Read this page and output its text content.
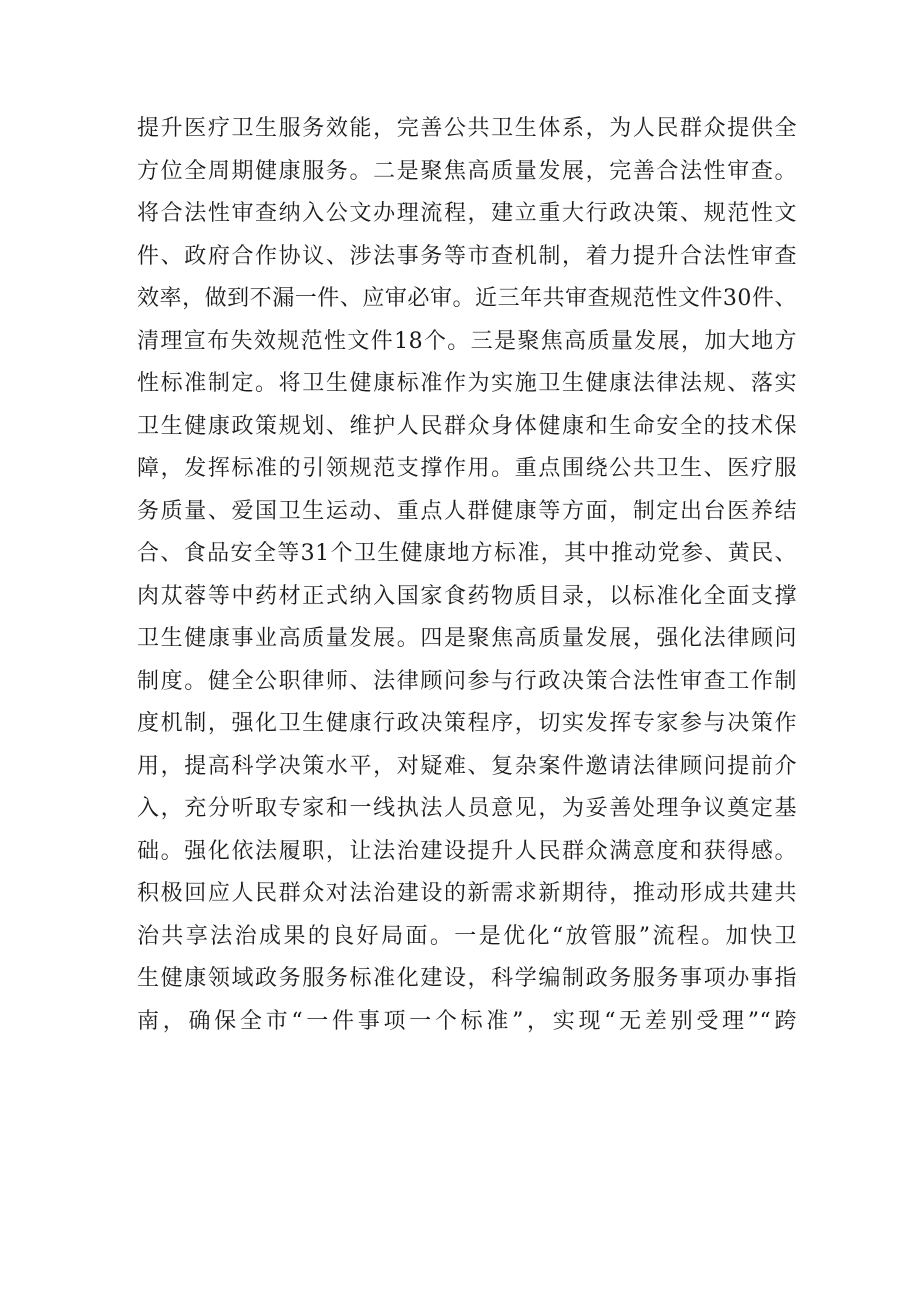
提升医疗卫生服务效能，完善公共卫生体系，为人民群众提供全
方位全周期健康服务。二是聚焦高质量发展，完善合法性审查。
将合法性审查纳入公文办理流程，建立重大行政决策、规范性文
件、政府合作协议、涉法事务等市查机制，着力提升合法性审查
效率，做到不漏一件、应审必审。近三年共审查规范性文件30件、
清理宣布失效规范性文件18个。三是聚焦高质量发展，加大地方
性标准制定。将卫生健康标准作为实施卫生健康法律法规、落实
卫生健康政策规划、维护人民群众身体健康和生命安全的技术保
障，发挥标准的引领规范支撑作用。重点围绕公共卫生、医疗服
务质量、爱国卫生运动、重点人群健康等方面，制定出台医养结
合、食品安全等31个卫生健康地方标准，其中推动党参、黄民、
肉苁蓉等中药材正式纳入国家食药物质目录，以标准化全面支撑
卫生健康事业高质量发展。四是聚焦高质量发展，强化法律顾问
制度。健全公职律师、法律顾问参与行政决策合法性审查工作制
度机制，强化卫生健康行政决策程序，切实发挥专家参与决策作
用，提高科学决策水平，对疑难、复杂案件邀请法律顾问提前介
入，充分听取专家和一线执法人员意见，为妥善处理争议奠定基
础。强化依法履职，让法治建设提升人民群众满意度和获得感。
积极回应人民群众对法治建设的新需求新期待，推动形成共建共
治共享法治成果的良好局面。一是优化“放管服”流程。加快卫
生健康领域政务服务标准化建设，科学编制政务服务事项办事指
南，确保全市“一件事项一个标准”，实现“无差别受理”“跨
